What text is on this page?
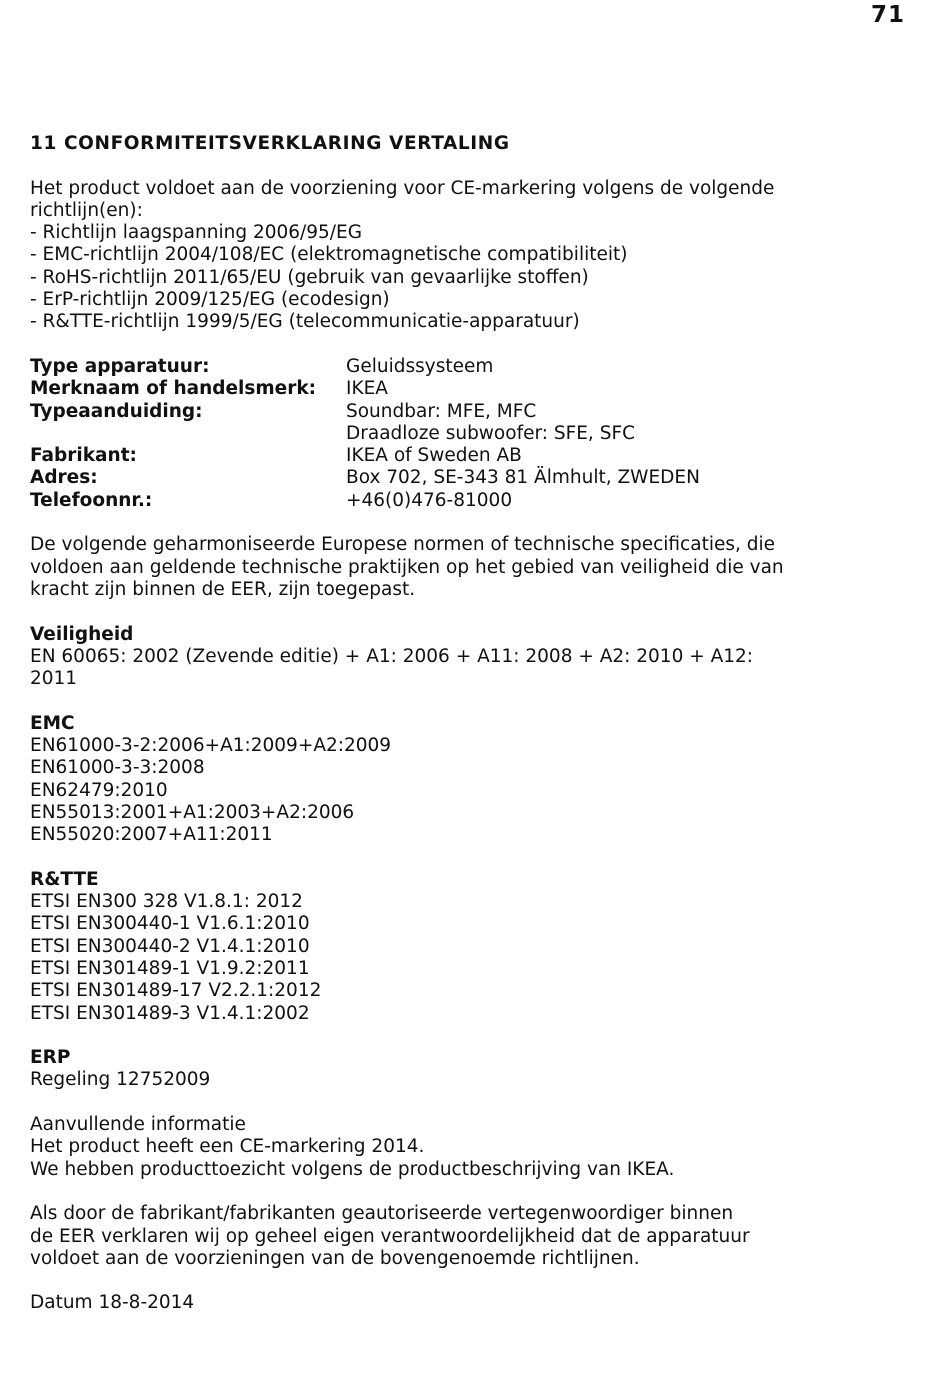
71
11 CONFORMITEITSVERKLARING VERTALING
Het product voldoet aan de voorziening voor CE-markering volgens de volgende
richtlijn(en):
- Richtlijn laagspanning 2006/95/EG
- EMC-richtlijn 2004/108/EC (elektromagnetische compatibiliteit)
- RoHS-richtlijn 2011/65/EU (gebruik van gevaarlijke stoffen)
- ErP-richtlijn 2009/125/EG (ecodesign)
- R&TTE-richtlijn 1999/5/EG (telecommunicatie-apparatuur)
Type apparatuur:	Geluidssysteem
Merknaam of handelsmerk:	IKEA
Typeaanduiding:	Soundbar: MFE, MFC

Draadloze subwoofer: SFE, SFC
Fabrikant:	IKEA of Sweden AB
Adres:	Box 702, SE-343 81 Älmhult, ZWEDEN
Telefoonnr.:	+46(0)476-81000
De volgende geharmoniseerde Europese normen of technische specificaties, die
voldoen aan geldende technische praktijken op het gebied van veiligheid die van
kracht zijn binnen de EER, zijn toegepast.
Veiligheid
EN 60065: 2002 (Zevende editie) + A1: 2006 + A11: 2008 + A2: 2010 + A12:
2011
EMC
EN61000-3-2:2006+A1:2009+A2:2009
EN61000-3-3:2008
EN62479:2010
EN55013:2001+A1:2003+A2:2006
EN55020:2007+A11:2011
R&TTE
ETSI EN300 328 V1.8.1: 2012
ETSI EN300440-1 V1.6.1:2010
ETSI EN300440-2 V1.4.1:2010
ETSI EN301489-1 V1.9.2:2011
ETSI EN301489-17 V2.2.1:2012
ETSI EN301489-3 V1.4.1:2002
ERP
Regeling 12752009
Aanvullende informatie
Het product heeft een CE-markering 2014.
We hebben producttoezicht volgens de productbeschrijving van IKEA.
Als door de fabrikant/fabrikanten geautoriseerde vertegenwoordiger binnen
de EER verklaren wij op geheel eigen verantwoordelijkheid dat de apparatuur
voldoet aan de voorzieningen van de bovengenoemde richtlijnen.
Datum 18-8-2014
